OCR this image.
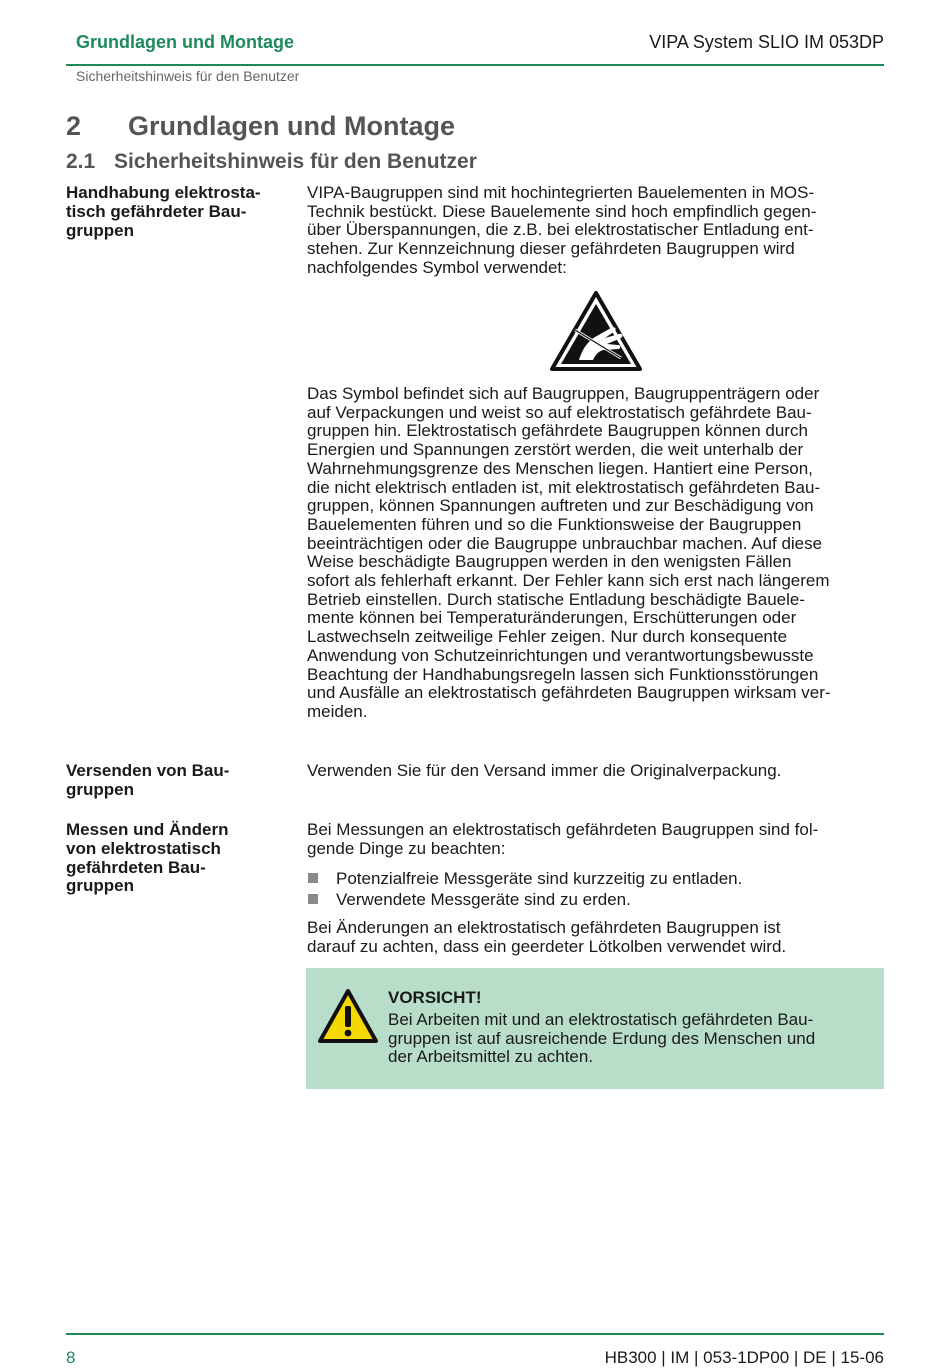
Grundlagen und Montage	VIPA System SLIO IM 053DP
Sicherheitshinweis für den Benutzer
2 Grundlagen und Montage
2.1 Sicherheitshinweis für den Benutzer
Handhabung elektrosta-
tisch gefährdeter Bau-
gruppen
VIPA-Baugruppen sind mit hochintegrierten Bauelementen in MOS-
Technik bestückt. Diese Bauelemente sind hoch empfindlich gegen-
über Überspannungen, die z.B. bei elektrostatischer Entladung ent-
stehen. Zur Kennzeichnung dieser gefährdeten Baugruppen wird
nachfolgendes Symbol verwendet:
Das Symbol befindet sich auf Baugruppen, Baugruppenträgern oder
auf Verpackungen und weist so auf elektrostatisch gefährdete Bau-
gruppen hin. Elektrostatisch gefährdete Baugruppen können durch
Energien und Spannungen zerstört werden, die weit unterhalb der
Wahrnehmungsgrenze des Menschen liegen. Hantiert eine Person,
die nicht elektrisch entladen ist, mit elektrostatisch gefährdeten Bau-
gruppen, können Spannungen auftreten und zur Beschädigung von
Bauelementen führen und so die Funktionsweise der Baugruppen
beeinträchtigen oder die Baugruppe unbrauchbar machen. Auf diese
Weise beschädigte Baugruppen werden in den wenigsten Fällen
sofort als fehlerhaft erkannt. Der Fehler kann sich erst nach längerem
Betrieb einstellen. Durch statische Entladung beschädigte Bauele-
mente können bei Temperaturänderungen, Erschütterungen oder
Lastwechseln zeitweilige Fehler zeigen. Nur durch konsequente
Anwendung von Schutzeinrichtungen und verantwortungsbewusste
Beachtung der Handhabungsregeln lassen sich Funktionsstörungen
und Ausfälle an elektrostatisch gefährdeten Baugruppen wirksam ver-
meiden.
Versenden von Bau-
gruppen
Verwenden Sie für den Versand immer die Originalverpackung.
Messen und Ändern
von elektrostatisch
gefährdeten Bau-
gruppen
Bei Messungen an elektrostatisch gefährdeten Baugruppen sind fol-
gende Dinge zu beachten:
Potenzialfreie Messgeräte sind kurzzeitig zu entladen.
Verwendete Messgeräte sind zu erden.
Bei Änderungen an elektrostatisch gefährdeten Baugruppen ist
darauf zu achten, dass ein geerdeter Lötkolben verwendet wird.
VORSICHT!
Bei Arbeiten mit und an elektrostatisch gefährdeten Bau-
gruppen ist auf ausreichende Erdung des Menschen und
der Arbeitsmittel zu achten.
8	HB300 | IM | 053-1DP00 | DE | 15-06
